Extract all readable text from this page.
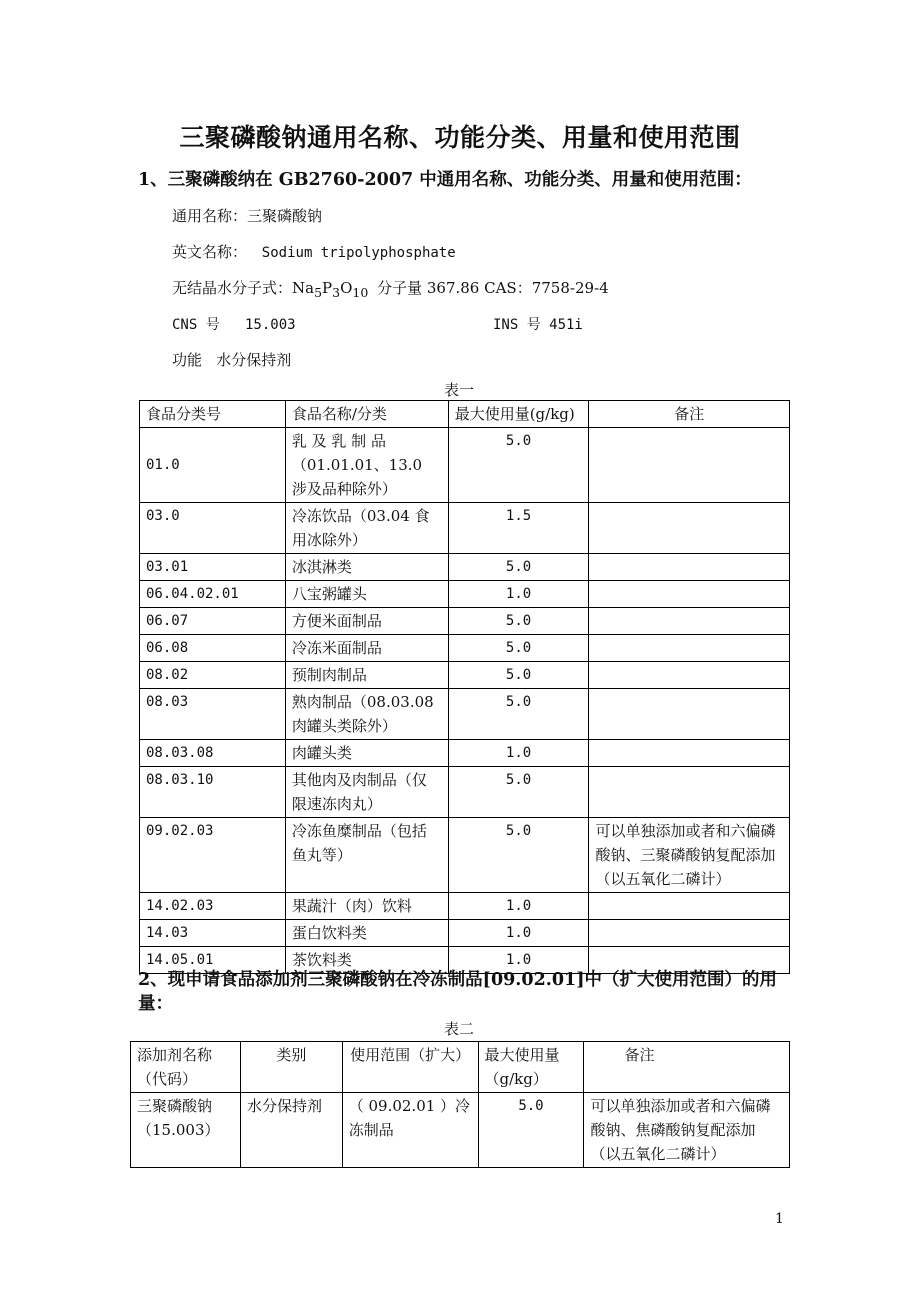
三聚磷酸钠通用名称、功能分类、用量和使用范围
1、三聚磷酸纳在 GB2760-2007 中通用名称、功能分类、用量和使用范围：
通用名称：三聚磷酸钠
英文名称： Sodium tripolyphosphate
无结晶水分子式：$Na_5P_3O_{10}$ 分子量 367.86 CAS：7758-29-4
CNS 号   15.003	INS 号 451i
功能   水分保持剂
表一
食品分类号	食品名称/分类	最大使用量(g/kg)	备注
01.0	乳 及 乳 制 品（01.01.01、13.0 涉及品种除外）	5.0	
03.0	冷冻饮品（03.04 食用冰除外）	1.5	
03.01	冰淇淋类	5.0	
06.04.02.01	八宝粥罐头	1.0	
06.07	方便米面制品	5.0	
06.08	冷冻米面制品	5.0	
08.02	预制肉制品	5.0	
08.03	熟肉制品（08.03.08 肉罐头类除外）	5.0	
08.03.08	肉罐头类	1.0	
08.03.10	其他肉及肉制品（仅限速冻肉丸）	5.0	
09.02.03	冷冻鱼糜制品（包括鱼丸等）	5.0	可以单独添加或者和六偏磷酸钠、三聚磷酸钠复配添加（以五氧化二磷计）
14.02.03	果蔬汁（肉）饮料	1.0	
14.03	蛋白饮料类	1.0	
14.05.01	茶饮料类	1.0	
2、现申请食品添加剂三聚磷酸钠在冷冻制品[09.02.01]中（扩大使用范围）的用量：
表二
添加剂名称（代码）	类别	使用范围（扩大）	最大使用量（g/kg）	备注
三聚磷酸钠（15.003）	水分保持剂	（ 09.02.01 ）冷冻制品	5.0	可以单独添加或者和六偏磷酸钠、焦磷酸钠复配添加（以五氧化二磷计）
1
